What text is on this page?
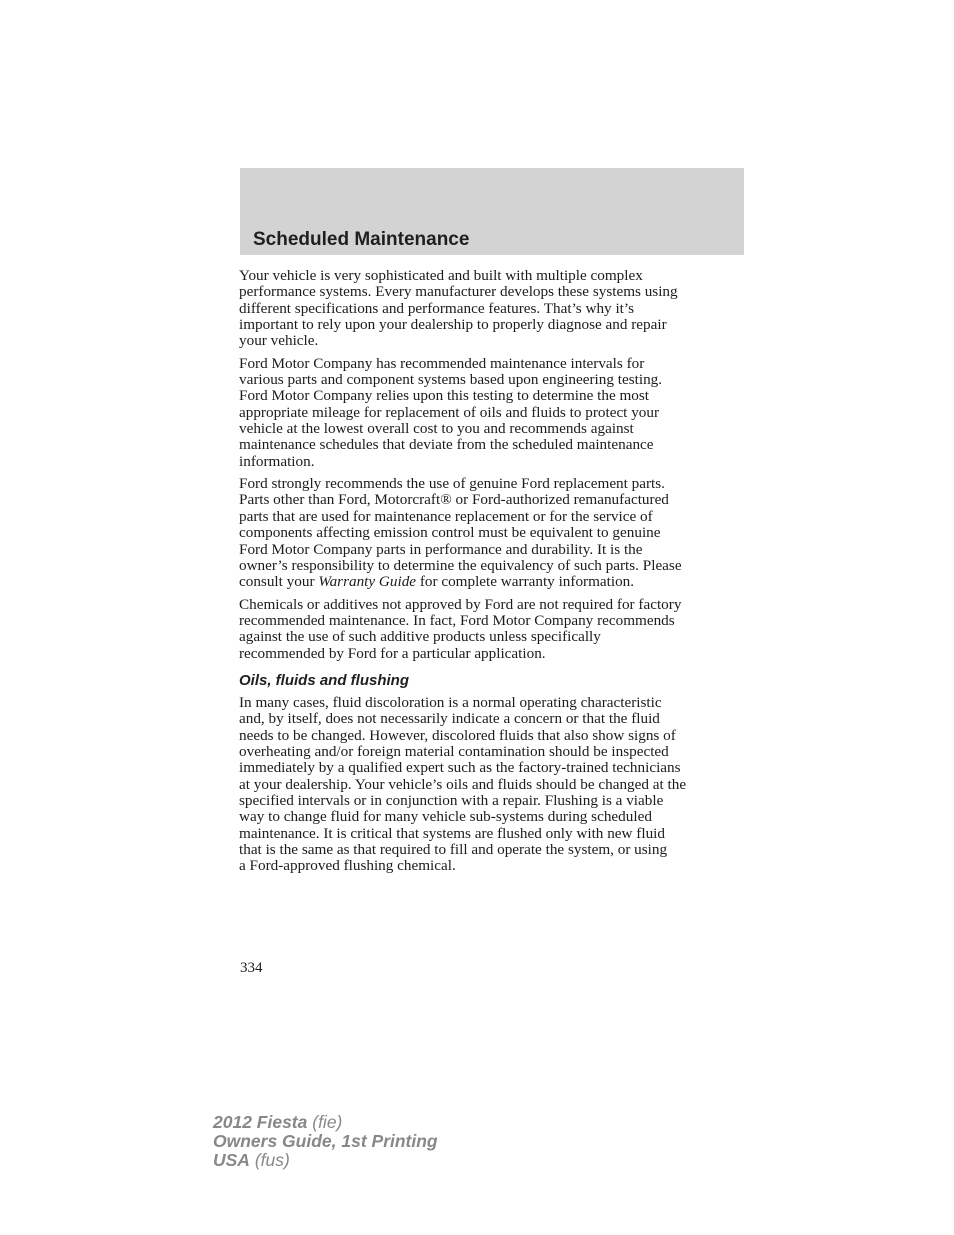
Scheduled Maintenance

Your vehicle is very sophisticated and built with multiple complex
performance systems. Every manufacturer develops these systems using
different specifications and performance features. That’s why it’s
important to rely upon your dealership to properly diagnose and repair
your vehicle.

Ford Motor Company has recommended maintenance intervals for
various parts and component systems based upon engineering testing.
Ford Motor Company relies upon this testing to determine the most
appropriate mileage for replacement of oils and fluids to protect your
vehicle at the lowest overall cost to you and recommends against
maintenance schedules that deviate from the scheduled maintenance
information.

Ford strongly recommends the use of genuine Ford replacement parts.
Parts other than Ford, Motorcraft® or Ford-authorized remanufactured
parts that are used for maintenance replacement or for the service of
components affecting emission control must be equivalent to genuine
Ford Motor Company parts in performance and durability. It is the
owner’s responsibility to determine the equivalency of such parts. Please
consult your Warranty Guide for complete warranty information.

Chemicals or additives not approved by Ford are not required for factory
recommended maintenance. In fact, Ford Motor Company recommends
against the use of such additive products unless specifically
recommended by Ford for a particular application.

Oils, fluids and flushing

In many cases, fluid discoloration is a normal operating characteristic
and, by itself, does not necessarily indicate a concern or that the fluid
needs to be changed. However, discolored fluids that also show signs of
overheating and/or foreign material contamination should be inspected
immediately by a qualified expert such as the factory-trained technicians
at your dealership. Your vehicle’s oils and fluids should be changed at the
specified intervals or in conjunction with a repair. Flushing is a viable
way to change fluid for many vehicle sub-systems during scheduled
maintenance. It is critical that systems are flushed only with new fluid
that is the same as that required to fill and operate the system, or using
a Ford-approved flushing chemical.

334
2012 Fiesta (fie)
Owners Guide, 1st Printing
USA (fus)
